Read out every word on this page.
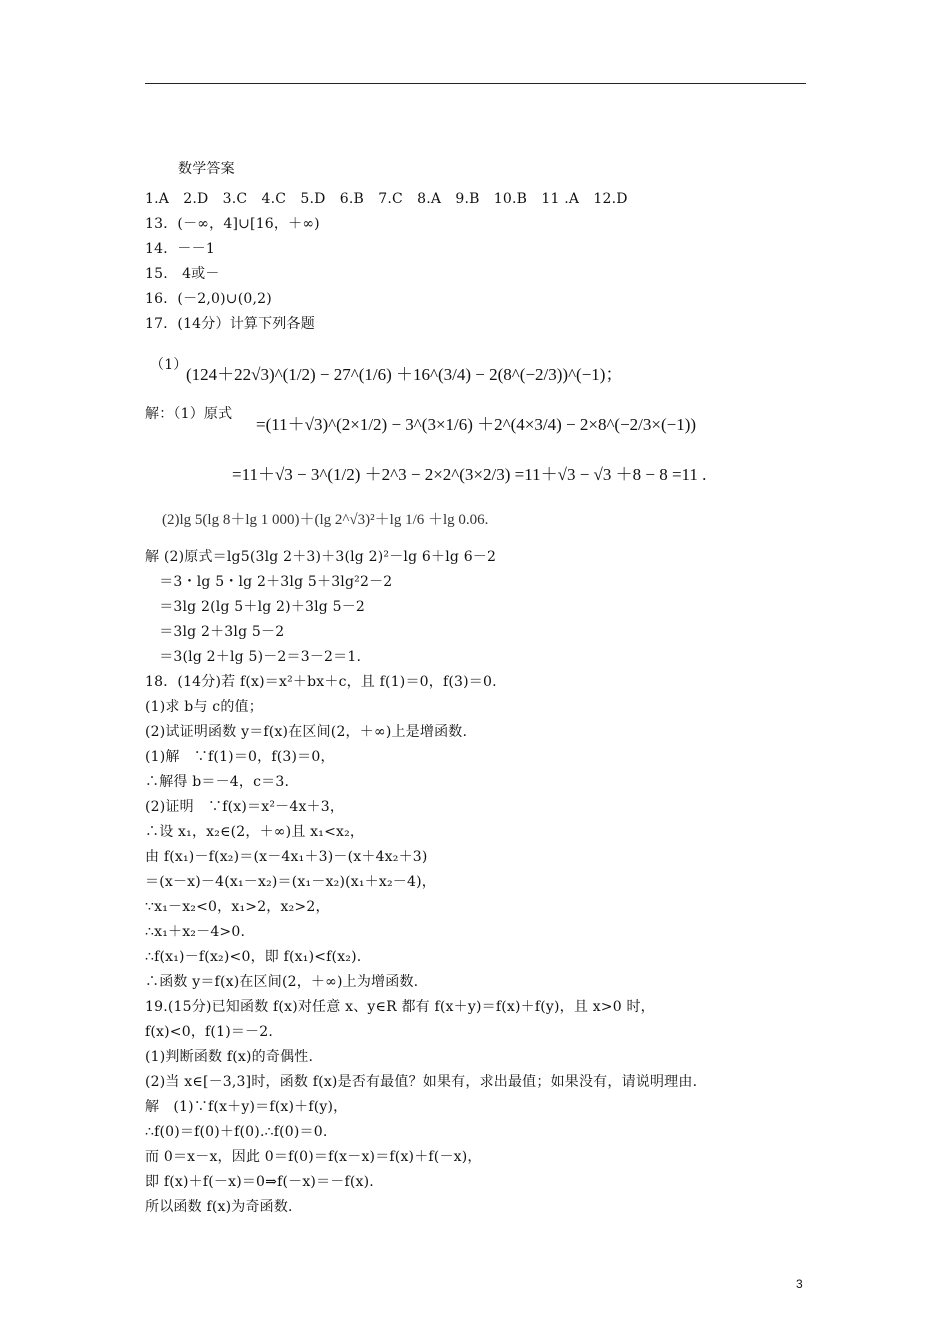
数学答案
1.A　2.D　3.C　4.C　5.D　6.B　7.C　8.A　9.B　10.B　11 .A　12.D
13．(－∞，4]∪[16，＋∞)
14．－－1
15.　4或－
16．(－2,0)∪(0,2)
17．(14分）计算下列各题
（1）
(124＋22√3)^(1/2) − 27^(1/6) ＋16^(3/4) − 2(8^(−2/3))^(−1)；
解：（1）原式
=(11＋√3)^(2×1/2) − 3^(3×1/6) ＋2^(4×3/4) − 2×8^(−2/3×(−1))
=11＋√3 − 3^(1/2) ＋2^3 − 2×2^(3×2/3) =11＋√3 − √3 ＋8 − 8 =11 .
(2)lg 5(lg 8＋lg 1 000)＋(lg 2^√3)²＋lg 1/6 ＋lg 0.06.
解 (2)原式＝lg5(3lg 2＋3)＋3(lg 2)²－lg 6＋lg 6－2
　＝3・lg 5・lg 2＋3lg 5＋3lg²2－2
　＝3lg 2(lg 5＋lg 2)＋3lg 5－2
　＝3lg 2＋3lg 5－2
　＝3(lg 2＋lg 5)－2＝3－2＝1.
18．(14分)若 f(x)＝x²＋bx＋c，且 f(1)＝0，f(3)＝0.
(1)求 b与 c的值；
(2)试证明函数 y＝f(x)在区间(2，＋∞)上是增函数.
(1)解　∵f(1)＝0，f(3)＝0，
∴解得 b＝－4，c＝3.
(2)证明　∵f(x)＝x²－4x＋3，
∴设 x₁，x₂∈(2，＋∞)且 x₁<x₂，
由 f(x₁)－f(x₂)＝(x－4x₁＋3)－(x＋4x₂＋3)
＝(x－x)－4(x₁－x₂)＝(x₁－x₂)(x₁＋x₂－4)，
∵x₁－x₂<0，x₁>2，x₂>2，
∴x₁＋x₂－4>0.
∴f(x₁)－f(x₂)<0，即 f(x₁)<f(x₂).
∴函数 y＝f(x)在区间(2，＋∞)上为增函数.
19.(15分)已知函数 f(x)对任意 x、y∈R 都有 f(x＋y)＝f(x)＋f(y)，且 x>0 时，
f(x)<0，f(1)＝－2.
(1)判断函数 f(x)的奇偶性.
(2)当 x∈[－3,3]时，函数 f(x)是否有最值？如果有，求出最值；如果没有，请说明理由.
解　(1)∵f(x＋y)＝f(x)＋f(y)，
∴f(0)＝f(0)＋f(0).∴f(0)＝0.
而 0＝x－x，因此 0＝f(0)＝f(x－x)＝f(x)＋f(－x)，
即 f(x)＋f(－x)＝0⇒f(－x)＝－f(x).
所以函数 f(x)为奇函数.
3
